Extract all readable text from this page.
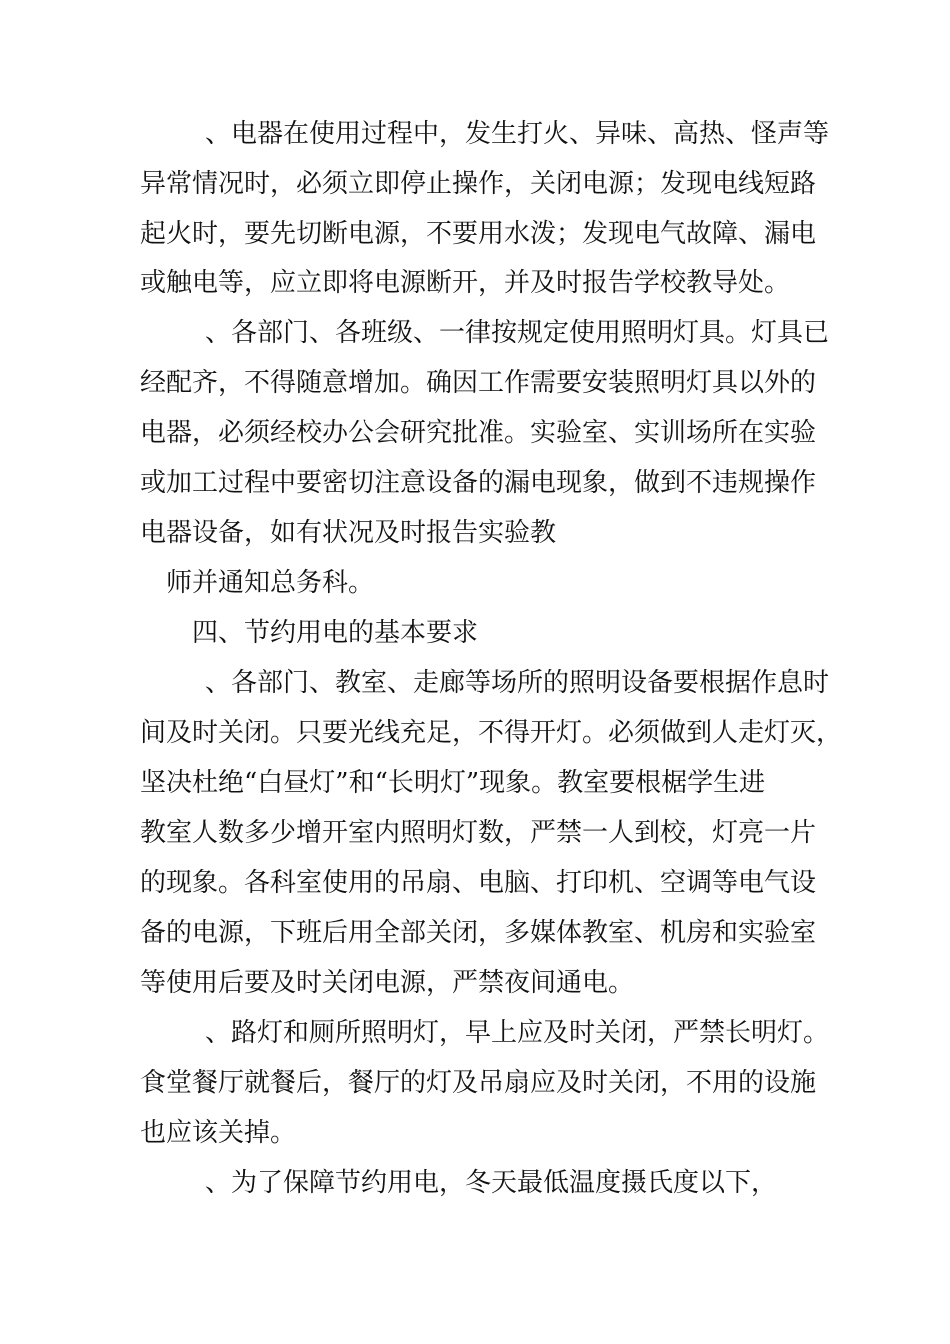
、电器在使用过程中，发生打火、异味、高热、怪声等
异常情况时，必须立即停止操作，关闭电源；发现电线短路
起火时，要先切断电源，不要用水泼；发现电气故障、漏电
或触电等，应立即将电源断开，并及时报告学校教导处。
、各部门、各班级、一律按规定使用照明灯具。灯具已
经配齐，不得随意增加。确因工作需要安装照明灯具以外的
电器，必须经校办公会研究批准。实验室、实训场所在实验
或加工过程中要密切注意设备的漏电现象，做到不违规操作
电器设备，如有状况及时报告实验教
师并通知总务科。
四、节约用电的基本要求
、各部门、教室、走廊等场所的照明设备要根据作息时
间及时关闭。只要光线充足，不得开灯。必须做到人走灯灭，
坚决杜绝“白昼灯”和“长明灯”现象。教室要根椐学生进
教室人数多少增开室内照明灯数，严禁一人到校，灯亮一片
的现象。各科室使用的吊扇、电脑、打印机、空调等电气设
备的电源，下班后用全部关闭，多媒体教室、机房和实验室
等使用后要及时关闭电源，严禁夜间通电。
、路灯和厕所照明灯，早上应及时关闭，严禁长明灯。
食堂餐厅就餐后，餐厅的灯及吊扇应及时关闭，不用的设施
也应该关掉。
、为了保障节约用电，冬天最低温度摄氏度以下，
